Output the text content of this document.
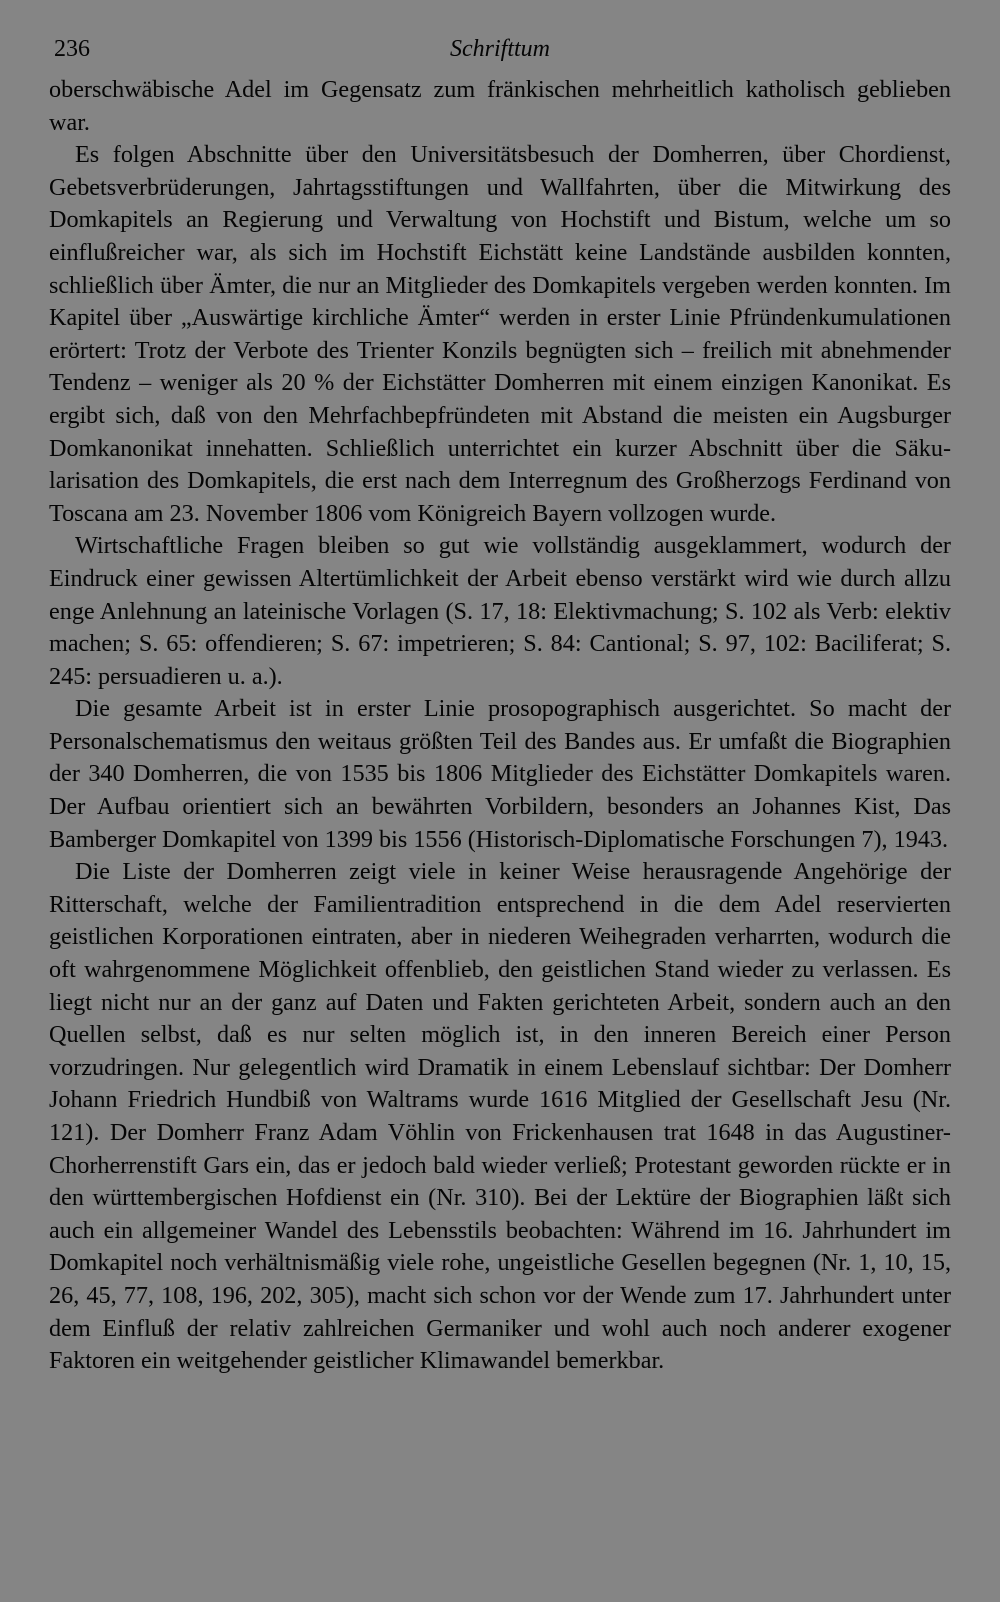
236	Schrifttum

oberschwäbische Adel im Gegensatz zum fränkischen mehrheitlich katholisch geblieben war.

Es folgen Abschnitte über den Universitätsbesuch der Domherren, über Chordienst, Gebetsverbrüderungen, Jahrtagsstiftungen und Wallfahrten, über die Mitwirkung des Domkapitels an Regierung und Verwaltung von Hochstift und Bistum, welche um so einflußreicher war, als sich im Hochstift Eichstätt keine Landstände ausbilden konnten, schließlich über Ämter, die nur an Mitglieder des Domkapitels vergeben werden konnten. Im Kapitel über „Auswärtige kirchliche Ämter“ werden in erster Linie Pfründenkumulationen erörtert: Trotz der Verbote des Trienter Konzils begnügten sich – freilich mit abnehmender Tendenz – weniger als 20 % der Eichstätter Domherren mit einem einzigen Kanonikat. Es ergibt sich, daß von den Mehrfachbepfründeten mit Abstand die meisten ein Augsburger Domkanonikat innehatten. Schließlich unterrichtet ein kurzer Abschnitt über die Säkularisation des Domkapitels, die erst nach dem Interregnum des Großherzogs Ferdinand von Toscana am 23. November 1806 vom Königreich Bayern vollzogen wurde.

Wirtschaftliche Fragen bleiben so gut wie vollständig ausgeklammert, wodurch der Eindruck einer gewissen Altertümlichkeit der Arbeit ebenso verstärkt wird wie durch allzu enge Anlehnung an lateinische Vorlagen (S. 17, 18: Elektivmachung; S. 102 als Verb: elektiv machen; S. 65: offendieren; S. 67: impetrieren; S. 84: Cantional; S. 97, 102: Baciliferat; S. 245: persuadieren u. a.).

Die gesamte Arbeit ist in erster Linie prosopographisch ausgerichtet. So macht der Personalschematismus den weitaus größten Teil des Bandes aus. Er umfaßt die Biographien der 340 Domherren, die von 1535 bis 1806 Mitglieder des Eichstätter Domkapitels waren. Der Aufbau orientiert sich an bewährten Vorbildern, besonders an Johannes Kist, Das Bamberger Domkapitel von 1399 bis 1556 (Historisch-Diplomatische Forschungen 7), 1943.

Die Liste der Domherren zeigt viele in keiner Weise herausragende Angehörige der Ritterschaft, welche der Familientradition entsprechend in die dem Adel reservierten geistlichen Korporationen eintraten, aber in niederen Weihegraden verharrten, wodurch die oft wahrgenommene Möglichkeit offenblieb, den geistlichen Stand wieder zu verlassen. Es liegt nicht nur an der ganz auf Daten und Fakten gerichteten Arbeit, sondern auch an den Quellen selbst, daß es nur selten möglich ist, in den inneren Bereich einer Person vorzudringen. Nur gelegentlich wird Dramatik in einem Lebenslauf sichtbar: Der Domherr Johann Friedrich Hundbiß von Waltrams wurde 1616 Mitglied der Gesellschaft Jesu (Nr. 121). Der Domherr Franz Adam Vöhlin von Frickenhausen trat 1648 in das Augustiner-Chorherrenstift Gars ein, das er jedoch bald wieder verließ; Protestant geworden rückte er in den württembergischen Hofdienst ein (Nr. 310). Bei der Lektüre der Biographien läßt sich auch ein allgemeiner Wandel des Lebensstils beobachten: Während im 16. Jahrhundert im Domkapitel noch verhältnismäßig viele rohe, ungeistliche Gesellen begegnen (Nr. 1, 10, 15, 26, 45, 77, 108, 196, 202, 305), macht sich schon vor der Wende zum 17. Jahrhundert unter dem Einfluß der relativ zahlreichen Germaniker und wohl auch noch anderer exogener Faktoren ein weitgehender geistlicher Klimawandel bemerkbar.
